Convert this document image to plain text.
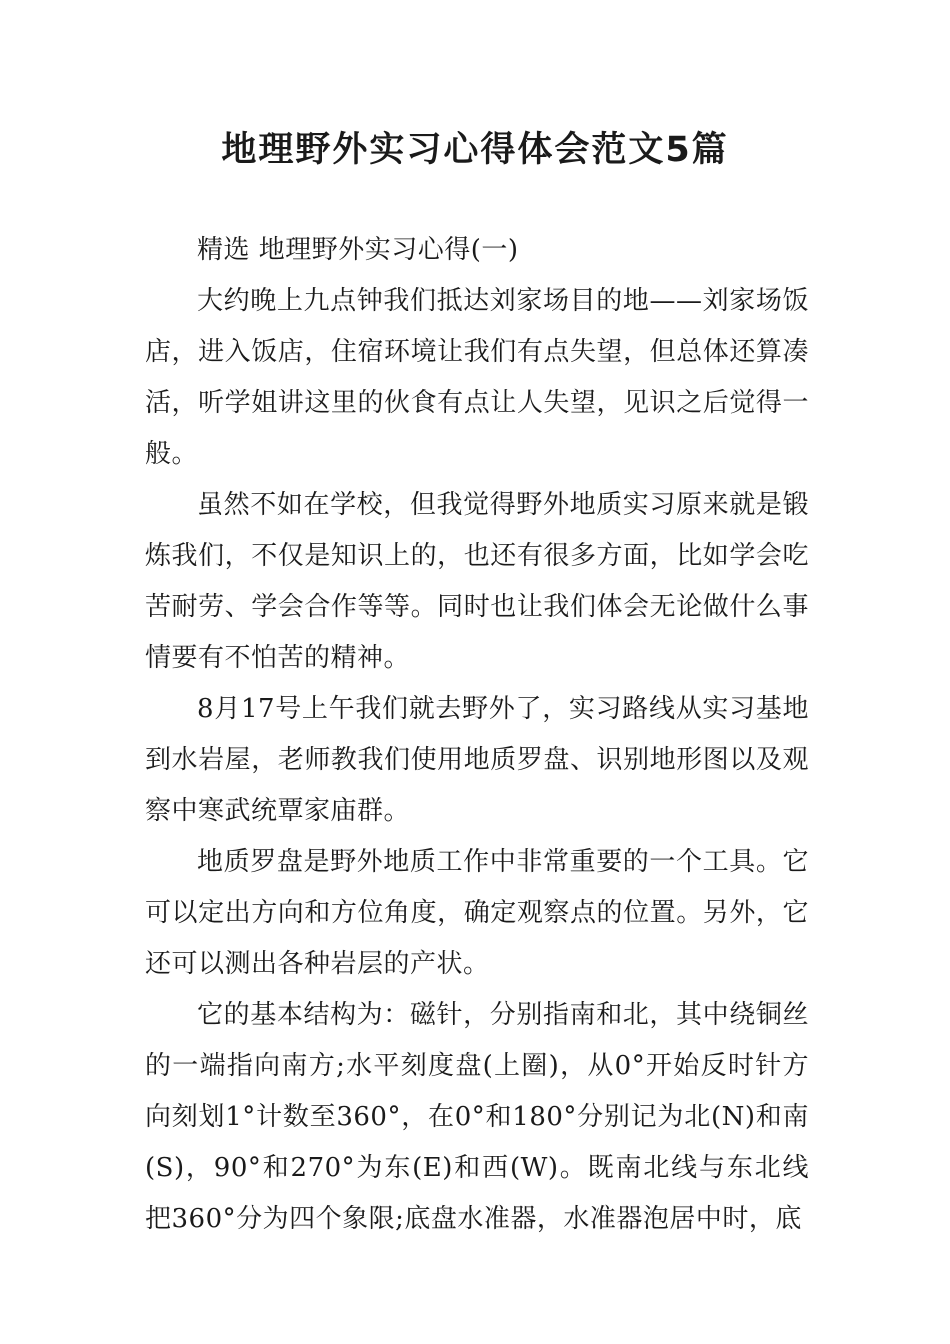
地理野外实习心得体会范文5篇

精选 地理野外实习心得(一)

大约晚上九点钟我们抵达刘家场目的地——刘家场饭店，进入饭店，住宿环境让我们有点失望，但总体还算凑活，听学姐讲这里的伙食有点让人失望，见识之后觉得一般。

虽然不如在学校，但我觉得野外地质实习原来就是锻炼我们，不仅是知识上的，也还有很多方面，比如学会吃苦耐劳、学会合作等等。同时也让我们体会无论做什么事情要有不怕苦的精神。

8月17号上午我们就去野外了，实习路线从实习基地到水岩屋，老师教我们使用地质罗盘、识别地形图以及观察中寒武统覃家庙群。

地质罗盘是野外地质工作中非常重要的一个工具。它可以定出方向和方位角度，确定观察点的位置。另外，它还可以测出各种岩层的产状。

它的基本结构为：磁针，分别指南和北，其中绕铜丝的一端指向南方;水平刻度盘(上圈)，从0°开始反时针方向刻划1°计数至360°，在0°和180°分别记为北(N)和南(S)，90°和270°为东(E)和西(W)。既南北线与东北线把360°分为四个象限;底盘水准器，水准器泡居中时，底
